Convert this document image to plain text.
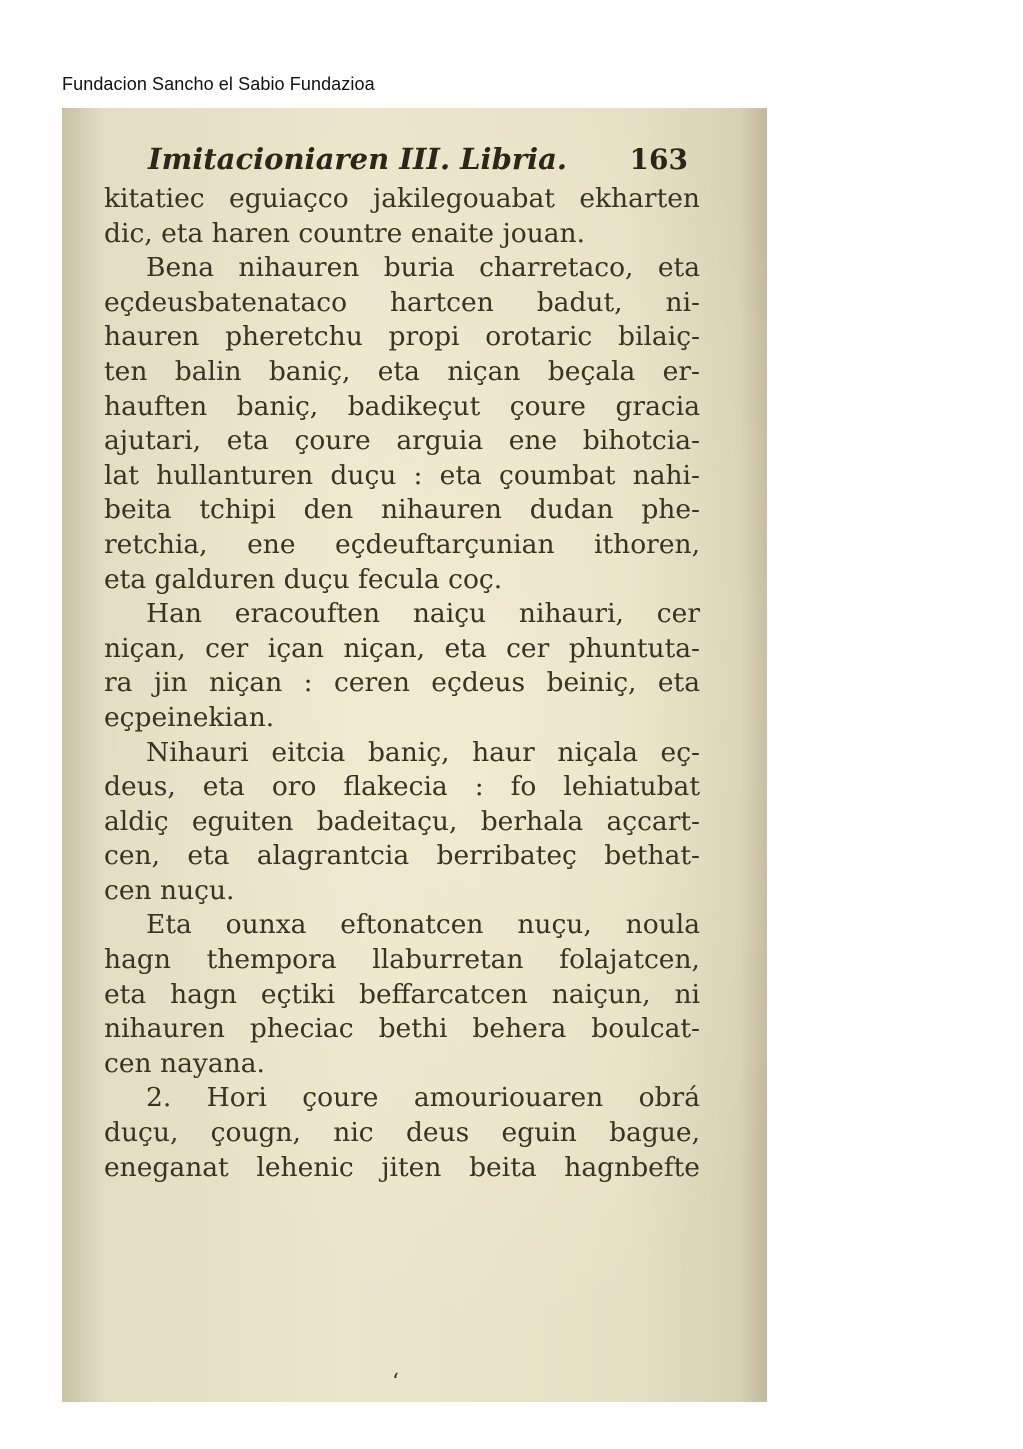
Fundacion Sancho el Sabio Fundazioa
Imitacioniaren III. Libria. 163
kitatiec eguiaçco jakilegouabat ekharten
dic, eta haren countre enaite jouan.
Bena nihauren buria charretaco, eta
eçdeusbatenataco hartcen badut, ni-
hauren pheretchu propi orotaric bilaiç-
ten balin baniç, eta niçan beçala er-
hauften baniç, badikeçut çoure gracia
ajutari, eta çoure arguia ene bihotcia-
lat hullanturen duçu : eta çoumbat nahi-
beita tchipi den nihauren dudan phe-
retchia, ene eçdeuftarçunian ithoren,
eta galduren duçu fecula coç.
Han eracouften naiçu nihauri, cer
niçan, cer içan niçan, eta cer phuntuta-
ra jin niçan : ceren eçdeus beiniç, eta
eçpeinekian.
Nihauri eitcia baniç, haur niçala eç-
deus, eta oro flakecia : fo lehiatubat
aldiç eguiten badeitaçu, berhala açcart-
cen, eta alagrantcia berribateç bethat-
cen nuçu.
Eta ounxa eftonatcen nuçu, noula
hagn thempora llaburretan folajatcen,
eta hagn eçtiki beffarcatcen naiçun, ni
nihauren pheciac bethi behera boulcat-
cen nayana.
2. Hori çoure amouriouaren obrá
duçu, çougn, nic deus eguin bague,
eneganat lehenic jiten beita hagnbefte
‘
